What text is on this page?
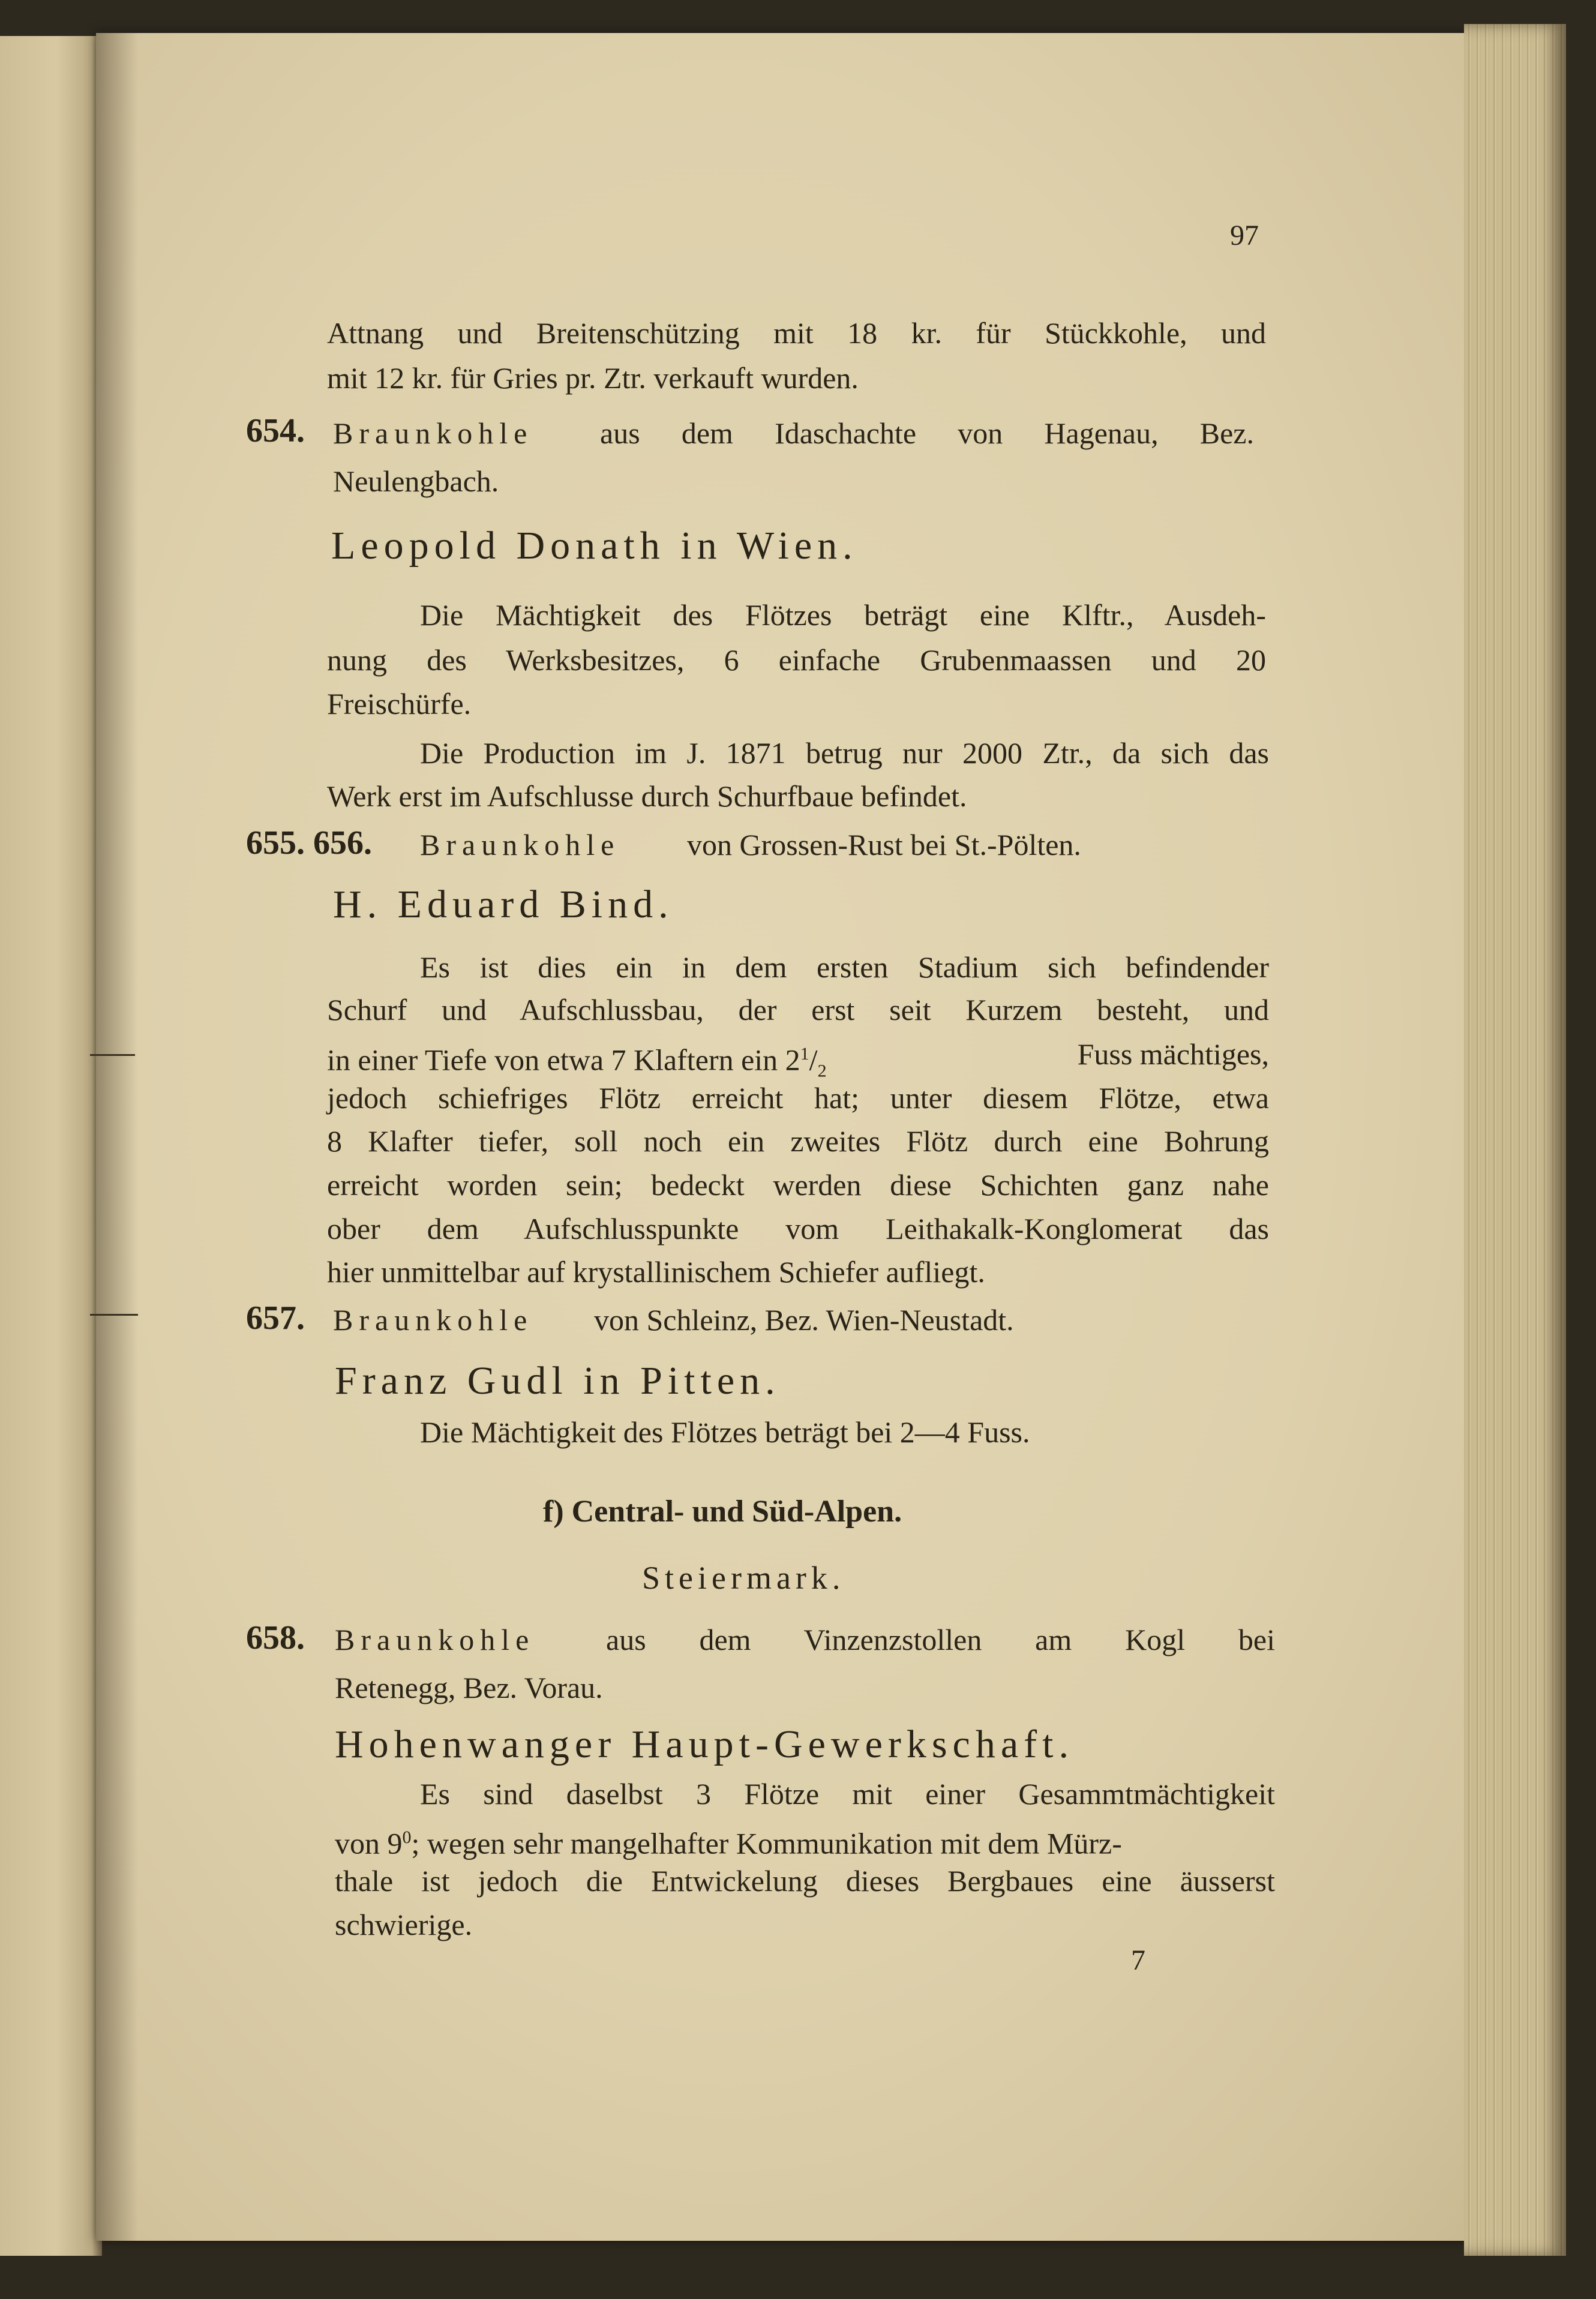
97
Attnang und Breitenschützing mit 18 kr. für Stückkohle, und
mit 12 kr. für Gries pr. Ztr. verkauft wurden.
654. Braunkohle aus dem Idaschachte von Hagenau, Bez.
Neulengbach.
Leopold Donath in Wien.
Die Mächtigkeit des Flötzes beträgt eine Klftr., Ausdeh-
nung des Werksbesitzes, 6 einfache Grubenmaassen und 20
Freischürfe.
Die Production im J. 1871 betrug nur 2000 Ztr., da sich das
Werk erst im Aufschlusse durch Schurfbaue befindet.
655. 656. Braunkohle von Grossen-Rust bei St.-Pölten.
H. Eduard Bind.
Es ist dies ein in dem ersten Stadium sich befindender
Schurf und Aufschlussbau, der erst seit Kurzem besteht, und
in einer Tiefe von etwa 7 Klaftern ein $2^1/_2$
Fuss mächtiges,
jedoch schiefriges Flötz erreicht hat; unter diesem Flötze, etwa
8 Klafter tiefer, soll noch ein zweites Flötz durch eine Bohrung
erreicht worden sein; bedeckt werden diese Schichten ganz nahe
ober dem Aufschlusspunkte vom Leithakalk-Konglomerat das
hier unmittelbar auf krystallinischem Schiefer aufliegt.
657. Braunkohle von Schleinz, Bez. Wien-Neustadt.
Franz Gudl in Pitten.
Die Mächtigkeit des Flötzes beträgt bei 2—4 Fuss.
f) Central- und Süd-Alpen.
Steiermark.
658. Braunkohle aus dem Vinzenzstollen am Kogl bei
Retenegg, Bez. Vorau.
Hohenwanger Haupt-Gewerkschaft.
Es sind daselbst 3 Flötze mit einer Gesammtmächtigkeit
von $9^0$; wegen sehr mangelhafter Kommunikation mit dem Mürz-
thale ist jedoch die Entwickelung dieses Bergbaues eine äusserst
schwierige.
7
